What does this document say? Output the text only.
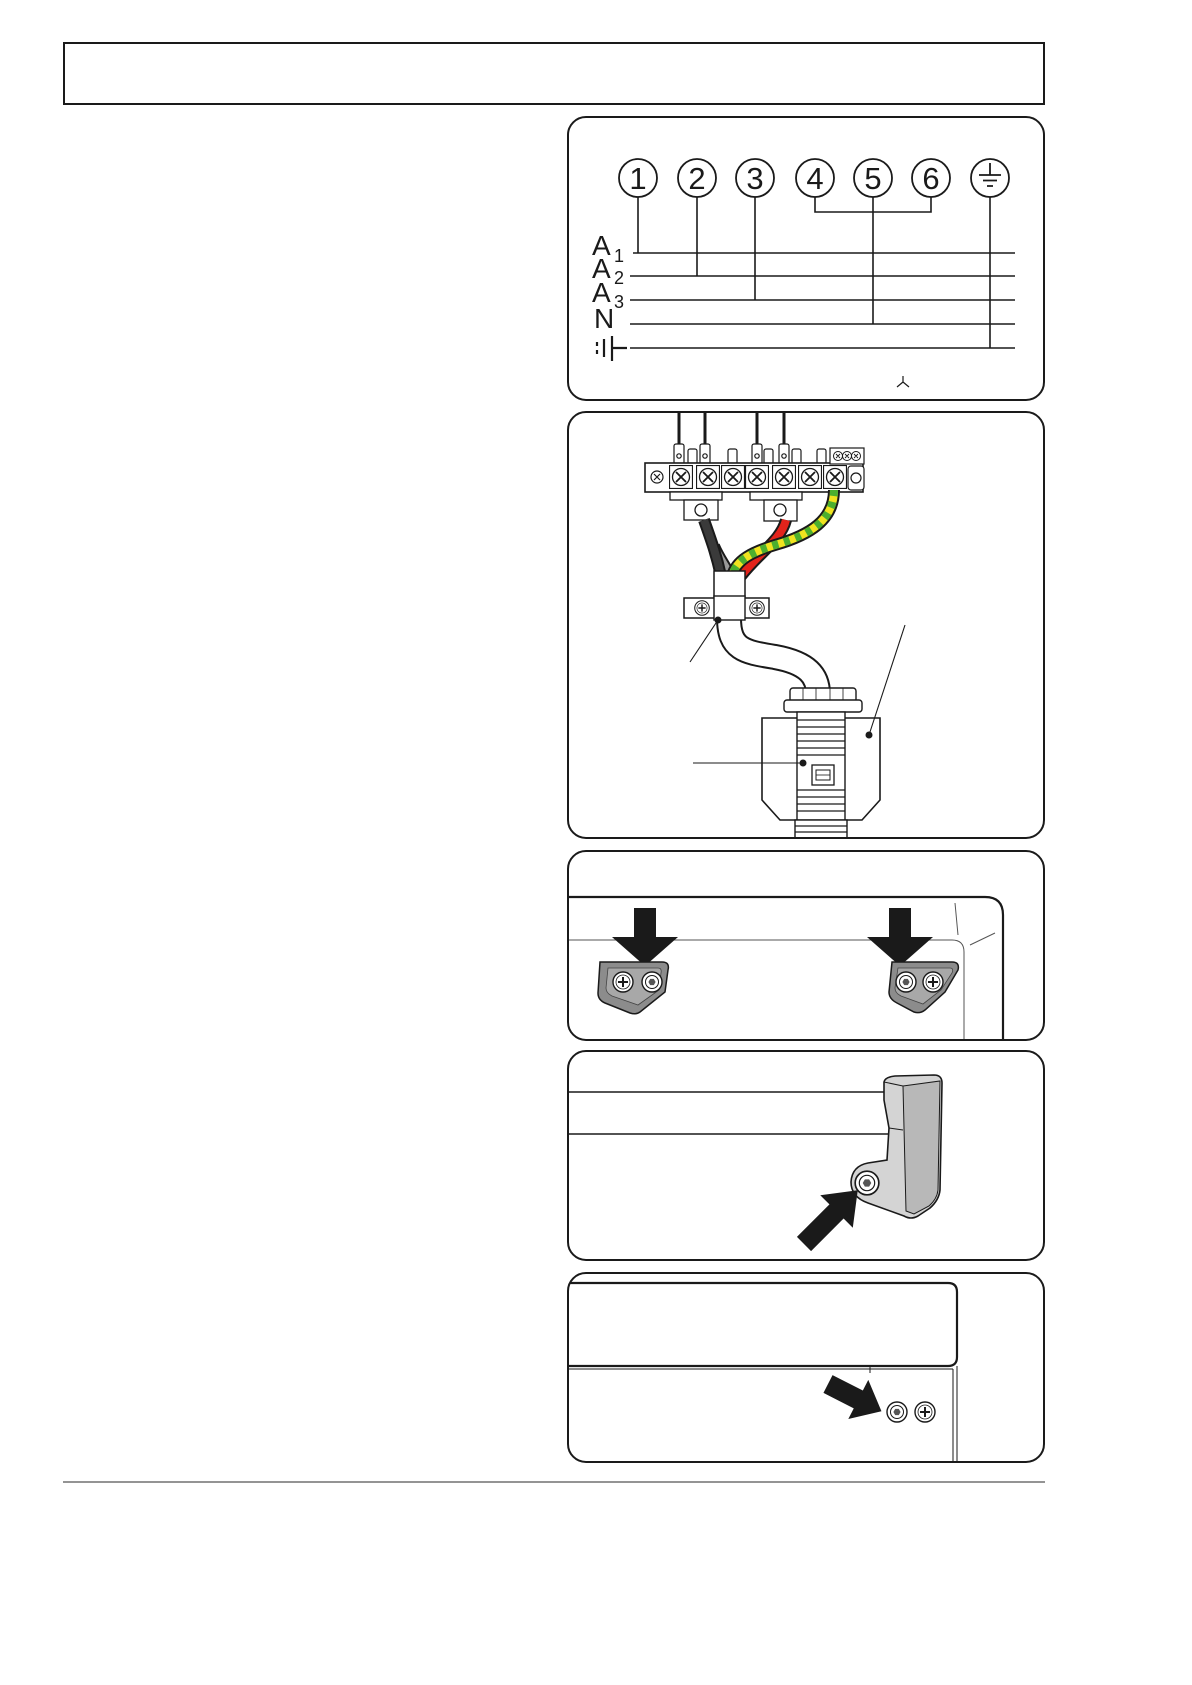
1 2 3 4 5 6
A 1
A 2
A 3
N
